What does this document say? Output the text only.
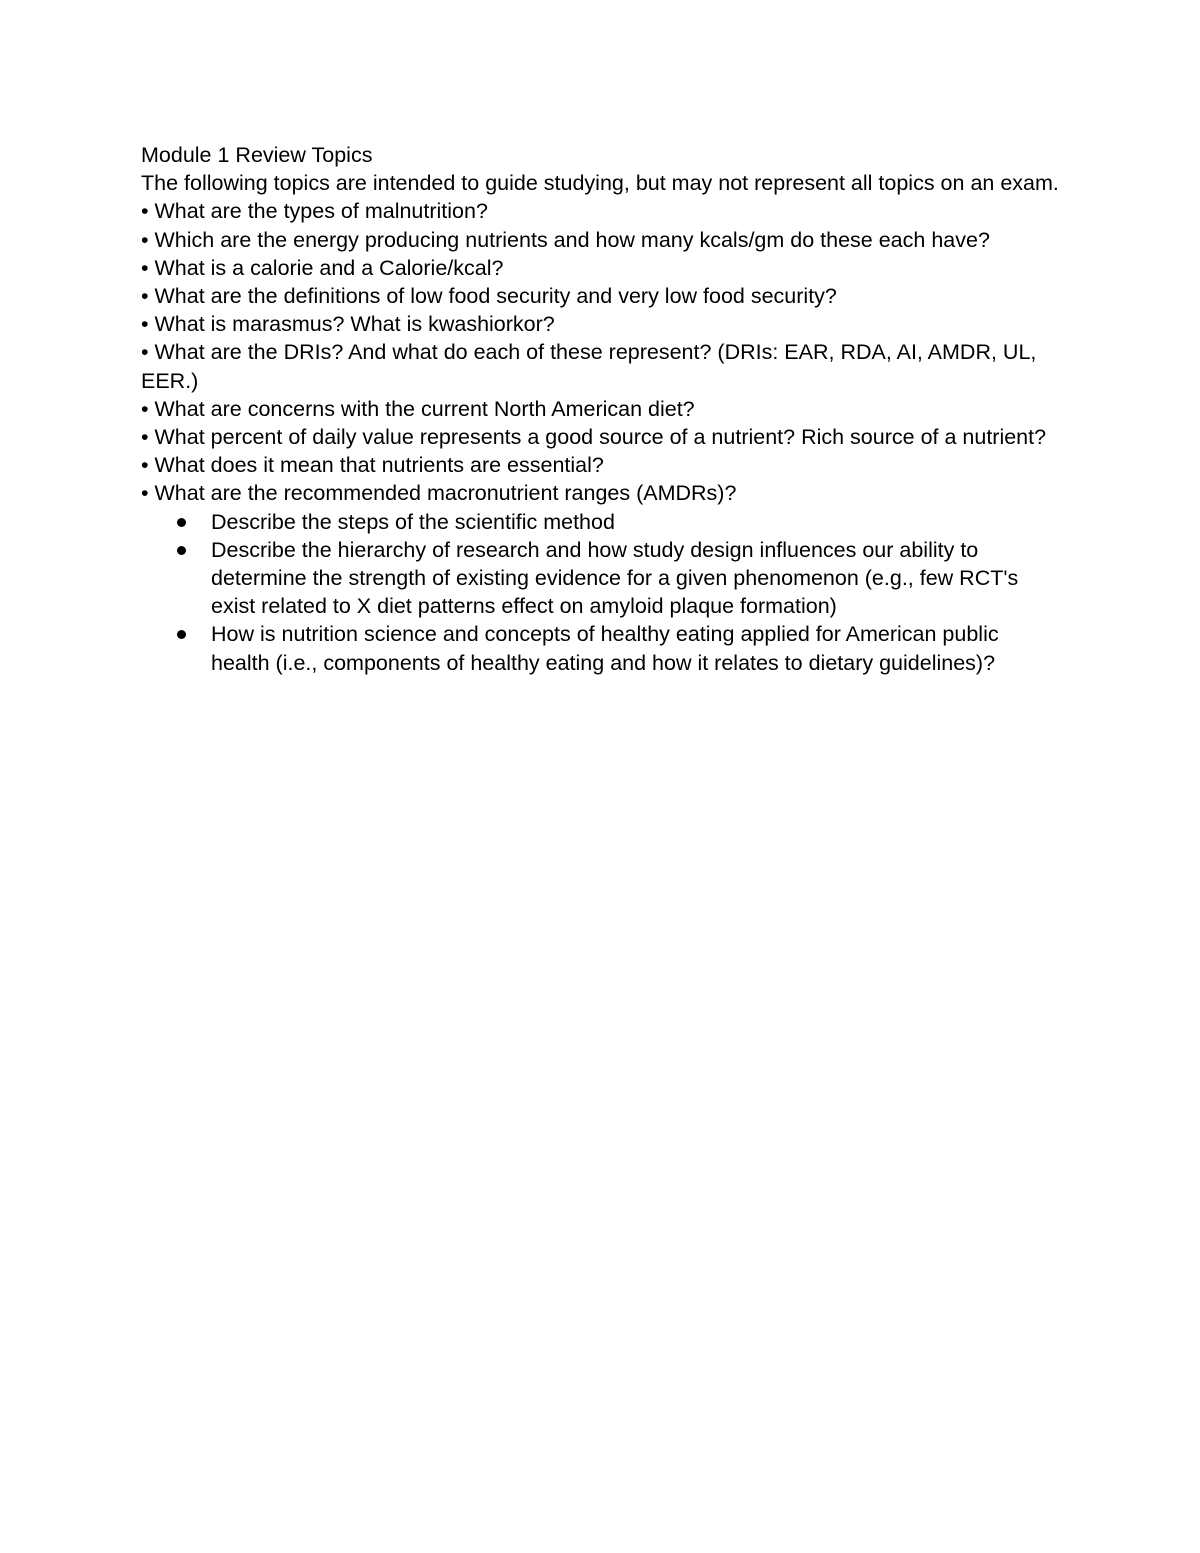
Module 1 Review Topics

The following topics are intended to guide studying, but may not represent all topics on an exam.

• What are the types of malnutrition?

• Which are the energy producing nutrients and how many kcals/gm do these each have?

• What is a calorie and a Calorie/kcal?

• What are the definitions of low food security and very low food security?

• What is marasmus? What is kwashiorkor?

• What are the DRIs? And what do each of these represent? (DRIs: EAR, RDA, AI, AMDR, UL, EER.)

• What are concerns with the current North American diet?

• What percent of daily value represents a good source of a nutrient? Rich source of a nutrient?

• What does it mean that nutrients are essential?

• What are the recommended macronutrient ranges (AMDRs)?

Describe the steps of the scientific method
Describe the hierarchy of research and how study design influences our ability to determine the strength of existing evidence for a given phenomenon (e.g., few RCT's exist related to X diet patterns effect on amyloid plaque formation)
How is nutrition science and concepts of healthy eating applied for American public health (i.e., components of healthy eating and how it relates to dietary guidelines)?
